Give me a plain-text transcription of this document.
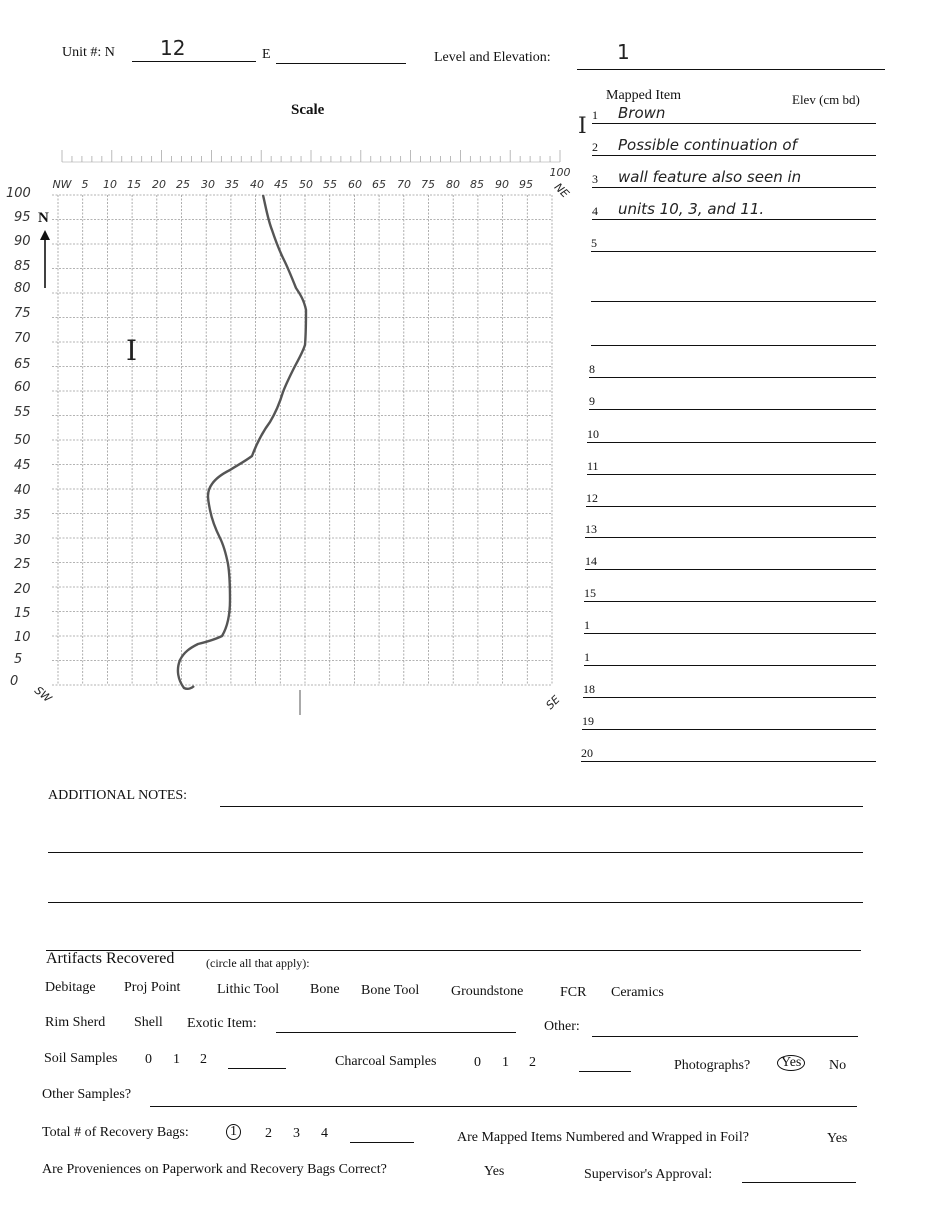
Unit #: N 12	E	Level and Elevation:	1
Scale
NW 5 10 15 20 25 30 35 40 45 50 55 60 65 70 75 80 85 90 95
100
NE
100
95
90
85
80
75
70
65
60
55
50
45
40
35
30
25
20
15
10
5
0
N
I
SW	SE
Mapped Item	Elev (cm bd)
I 1 Brown
2 Possible continuation of
3 wall feature also seen in
4 units 10, 3, and 11.
5
8
9
10
11
12
13
14
15
1
1
18
19
20
ADDITIONAL NOTES:
Artifacts Recovered	(circle all that apply):
Debitage Proj Point	Lithic Tool Bone Bone Tool Groundstone	FCR Ceramics
Rim Sherd Shell Exotic Item:	Other:
Soil Samples 0 1 2	Charcoal Samples	0 1 2	Photographs? Yes No
Other Samples?
Total # of Recovery Bags:	1 2 3 4	Are Mapped Items Numbered and Wrapped in Foil?	Yes
Are Proveniences on Paperwork and Recovery Bags Correct?	Yes	Supervisor's Approval:
